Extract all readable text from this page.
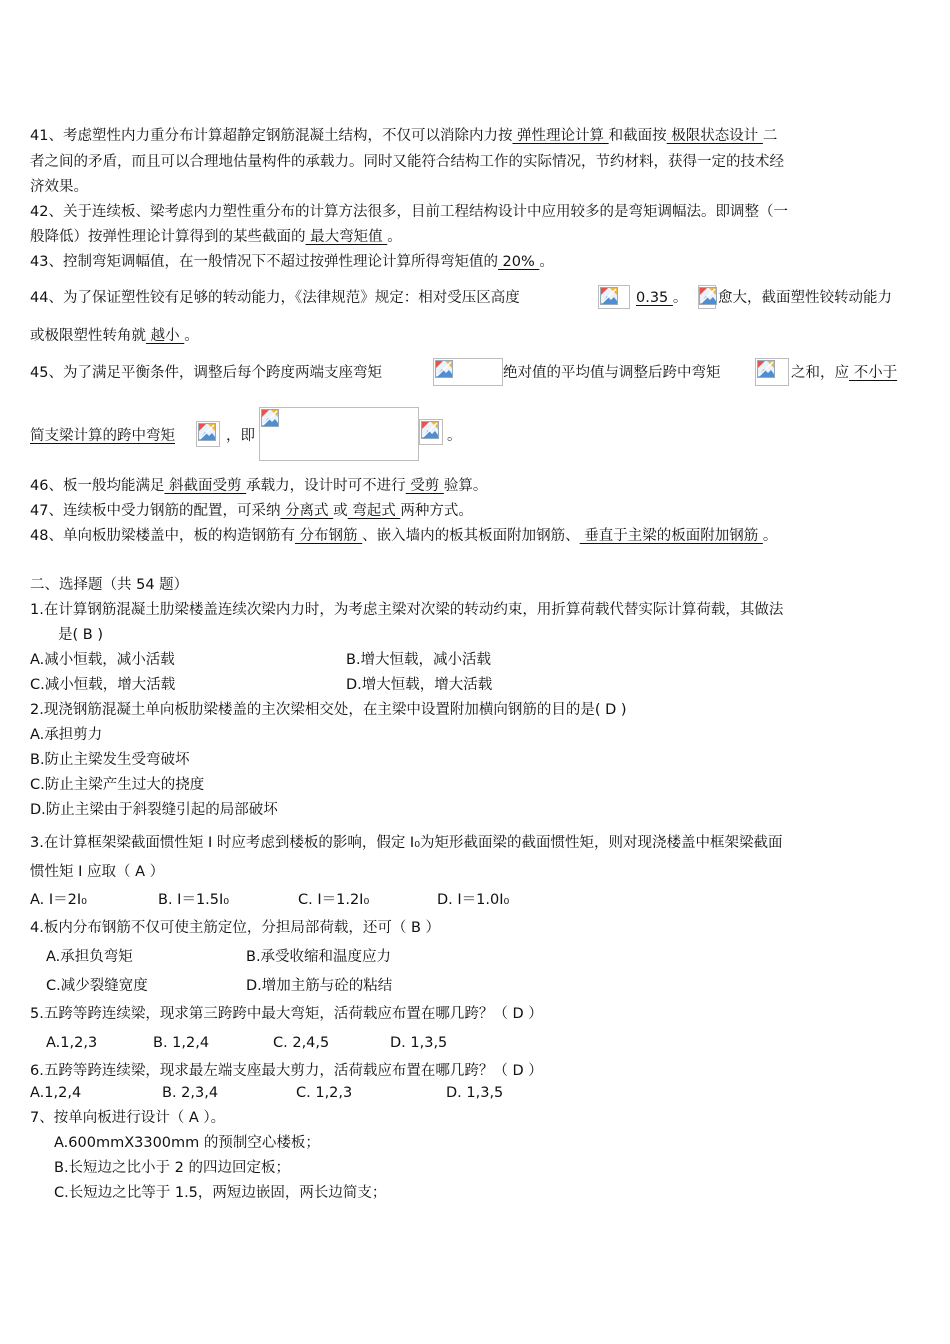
41、考虑塑性内力重分布计算超静定钢筋混凝土结构，不仅可以消除内力按 弹性理论计算 和截面按 极限状态设计 二
者之间的矛盾，而且可以合理地估量构件的承载力。同时又能符合结构工作的实际情况，节约材料，获得一定的技术经
济效果。
42、关于连续板、梁考虑内力塑性重分布的计算方法很多，目前工程结构设计中应用较多的是弯矩调幅法。即调整（一
般降低）按弹性理论计算得到的某些截面的 最大弯矩值 。
43、控制弯矩调幅值，在一般情况下不超过按弹性理论计算所得弯矩值的 20% 。
44、为了保证塑性铰有足够的转动能力，《法律规范》规定：相对受压区高度	0.35 。 愈大，截面塑性铰转动能力
或极限塑性转角就 越小 。
45、为了满足平衡条件，调整后每个跨度两端支座弯矩	绝对值的平均值与调整后跨中弯矩	之和，应 不小于
简支梁计算的跨中弯矩	，即	。
46、板一般均能满足 斜截面受剪 承载力，设计时可不进行 受剪 验算。
47、连续板中受力钢筋的配置，可采纳 分离式 或 弯起式 两种方式。
48、单向板肋梁楼盖中，板的构造钢筋有 分布钢筋 、嵌入墙内的板其板面附加钢筋、 垂直于主梁的板面附加钢筋 。
二、选择题（共 54 题）
1.在计算钢筋混凝土肋梁楼盖连续次梁内力时，为考虑主梁对次梁的转动约束，用折算荷载代替实际计算荷载，其做法
是( B )
A.减小恒载，减小活载	B.增大恒载，减小活载
C.减小恒载，增大活载	D.增大恒载，增大活载
2.现浇钢筋混凝土单向板肋梁楼盖的主次梁相交处，在主梁中设置附加横向钢筋的目的是( D )
A.承担剪力
B.防止主梁发生受弯破坏
C.防止主梁产生过大的挠度
D.防止主梁由于斜裂缝引起的局部破坏
3.在计算框架梁截面惯性矩 I 时应考虑到楼板的影响，假定 I₀为矩形截面梁的截面惯性矩，则对现浇楼盖中框架梁截面
惯性矩 I 应取（ A ）
A. I＝2I₀	B. I＝1.5I₀	C. I＝1.2I₀	D. I＝1.0I₀
4.板内分布钢筋不仅可使主筋定位，分担局部荷载，还可（ B ）
A.承担负弯矩	B.承受收缩和温度应力
C.减少裂缝宽度	D.增加主筋与砼的粘结
5.五跨等跨连续梁，现求第三跨跨中最大弯矩，活荷载应布置在哪几跨？（ D ）
A.1,2,3	B. 1,2,4	C. 2,4,5	D. 1,3,5
6.五跨等跨连续梁，现求最左端支座最大剪力，活荷载应布置在哪几跨？（ D ）
A.1,2,4	B. 2,3,4	C. 1,2,3	D. 1,3,5
7、按单向板进行设计（ A ）。
A.600mmX3300mm 的预制空心楼板；
B.长短边之比小于 2 的四边回定板；
C.长短边之比等于 1.5，两短边嵌固，两长边简支；
